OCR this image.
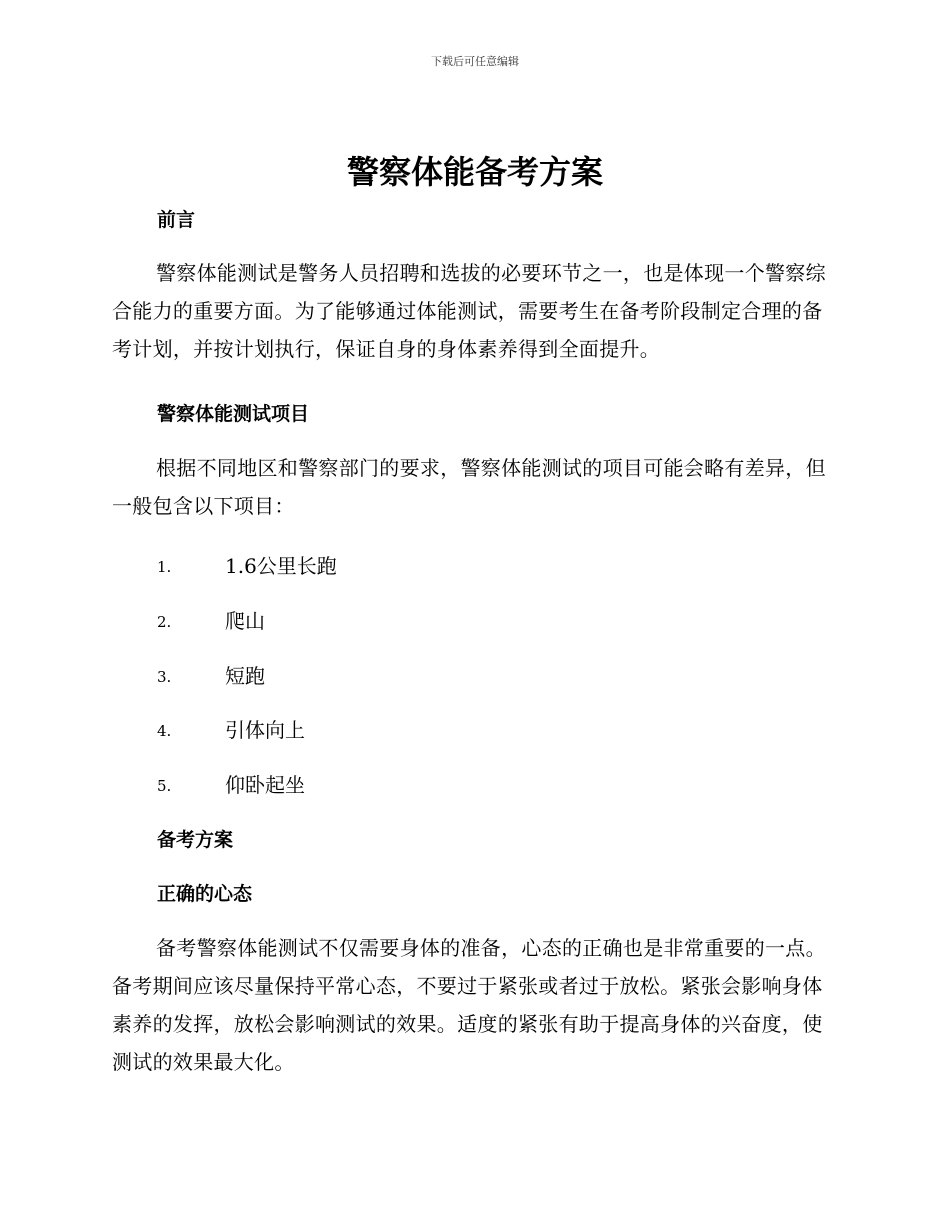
下载后可任意编辑
警察体能备考方案
前言

警察体能测试是警务人员招聘和选拔的必要环节之一，也是体现一个警察综合能力的重要方面。为了能够通过体能测试，需要考生在备考阶段制定合理的备考计划，并按计划执行，保证自身的身体素养得到全面提升。

警察体能测试项目

根据不同地区和警察部门的要求，警察体能测试的项目可能会略有差异，但一般包含以下项目：

1.	1.6公里长跑
2.	爬山
3.	短跑
4.	引体向上
5.	仰卧起坐
备考方案
正确的心态

备考警察体能测试不仅需要身体的准备，心态的正确也是非常重要的一点。备考期间应该尽量保持平常心态，不要过于紧张或者过于放松。紧张会影响身体素养的发挥，放松会影响测试的效果。适度的紧张有助于提高身体的兴奋度，使测试的效果最大化。
